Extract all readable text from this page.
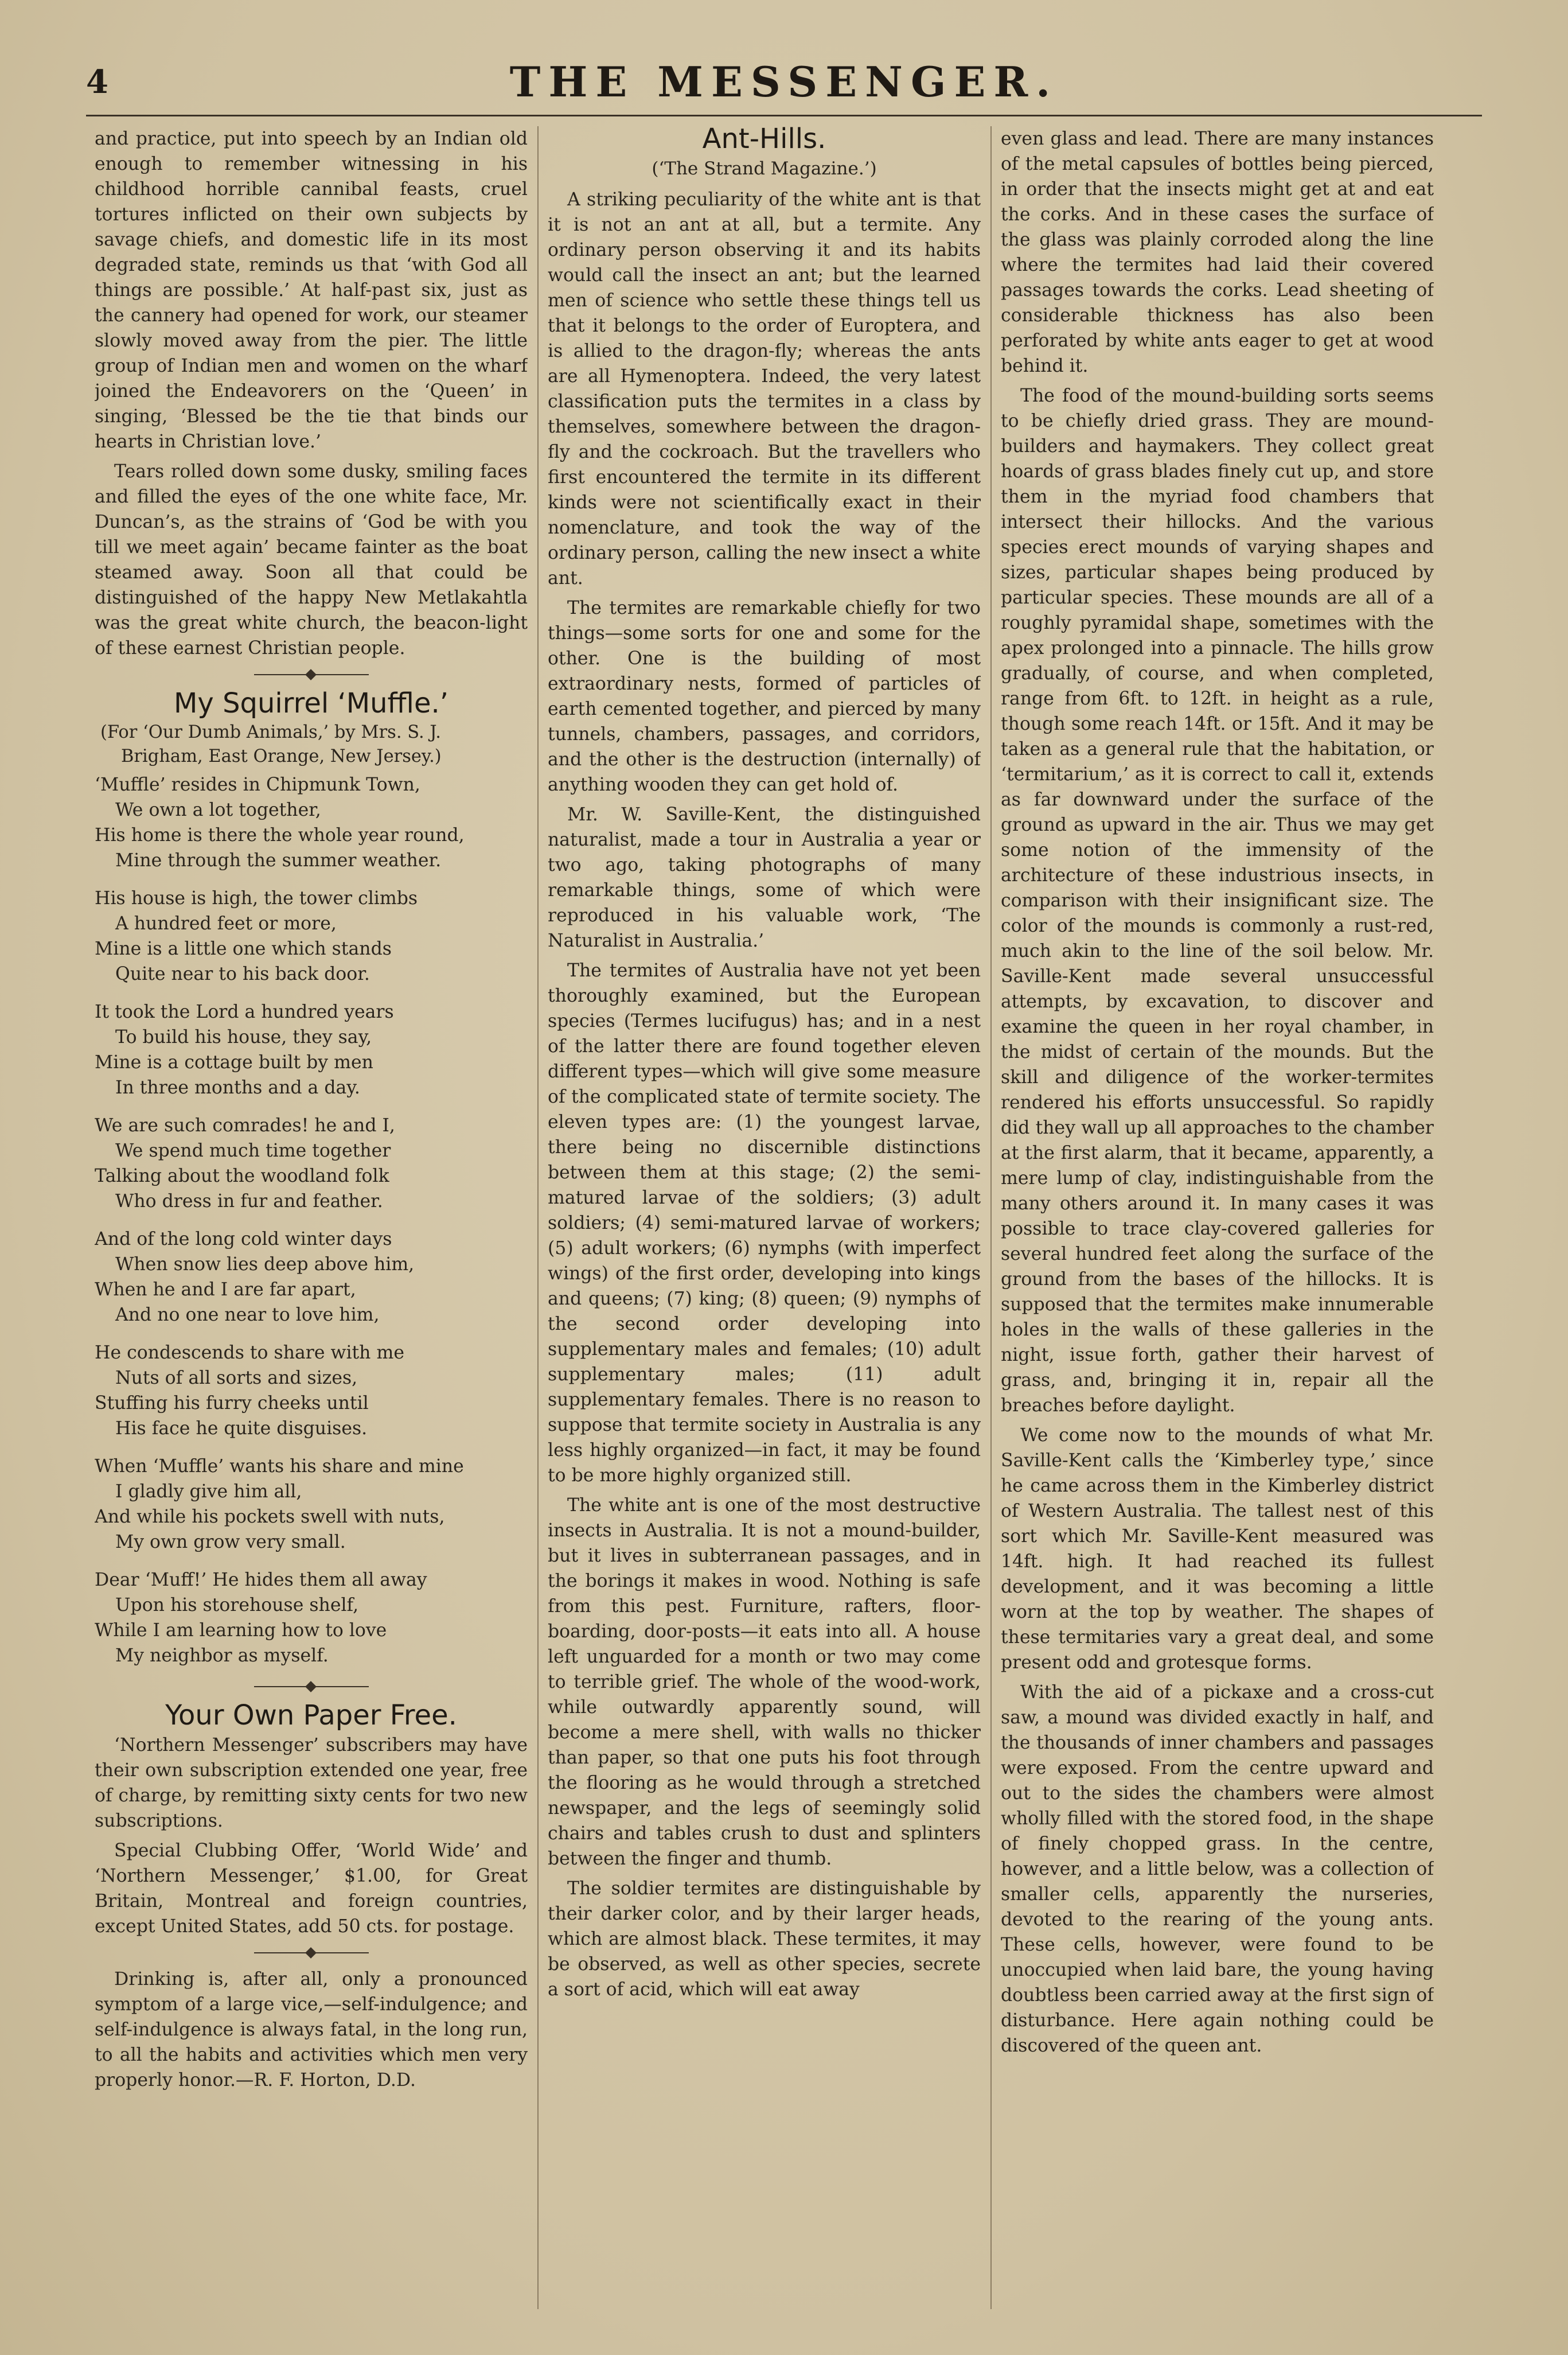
4	THE MESSENGER.

and practice, put into speech by an Indian old enough to remember witnessing in his childhood horrible cannibal feasts, cruel tortures inflicted on their own subjects by savage chiefs, and domestic life in its most degraded state, reminds us that ‘with God all things are possible.’ At half-past six, just as the cannery had opened for work, our steamer slowly moved away from the pier. The little group of Indian men and women on the wharf joined the Endeavorers on the ‘Queen’ in singing, ‘Blessed be the tie that binds our hearts in Christian love.’

Tears rolled down some dusky, smiling faces and filled the eyes of the one white face, Mr. Duncan’s, as the strains of ‘God be with you till we meet again’ became fainter as the boat steamed away. Soon all that could be distinguished of the happy New Metlakahtla was the great white church, the beacon-light of these earnest Christian people.

My Squirrel ‘Muffle.’
(For ‘Our Dumb Animals,’ by Mrs. S. J.
Brigham, East Orange, New Jersey.)
‘Muffle’ resides in Chipmunk Town,
We own a lot together,
His home is there the whole year round,
Mine through the summer weather.
His house is high, the tower climbs
A hundred feet or more,
Mine is a little one which stands
Quite near to his back door.
It took the Lord a hundred years
To build his house, they say,
Mine is a cottage built by men
In three months and a day.
We are such comrades! he and I,
We spend much time together
Talking about the woodland folk
Who dress in fur and feather.
And of the long cold winter days
When snow lies deep above him,
When he and I are far apart,
And no one near to love him,
He condescends to share with me
Nuts of all sorts and sizes,
Stuffing his furry cheeks until
His face he quite disguises.
When ‘Muffle’ wants his share and mine
I gladly give him all,
And while his pockets swell with nuts,
My own grow very small.
Dear ‘Muff!’ He hides them all away
Upon his storehouse shelf,
While I am learning how to love
My neighbor as myself.
Your Own Paper Free.

‘Northern Messenger’ subscribers may have their own subscription extended one year, free of charge, by remitting sixty cents for two new subscriptions.

Special Clubbing Offer, ‘World Wide’ and ‘Northern Messenger,’ $1.00, for Great Britain, Montreal and foreign countries, except United States, add 50 cts. for postage.

Drinking is, after all, only a pronounced symptom of a large vice,—self-indulgence; and self-indulgence is always fatal, in the long run, to all the habits and activities which men very properly honor.—R. F. Horton, D.D.

Ant-Hills.
(‘The Strand Magazine.’)

A striking peculiarity of the white ant is that it is not an ant at all, but a termite. Any ordinary person observing it and its habits would call the insect an ant; but the learned men of science who settle these things tell us that it belongs to the order of Europtera, and is allied to the dragon-fly; whereas the ants are all Hymenoptera. Indeed, the very latest classification puts the termites in a class by themselves, somewhere between the dragon-fly and the cockroach. But the travellers who first encountered the termite in its different kinds were not scientifically exact in their nomenclature, and took the way of the ordinary person, calling the new insect a white ant.

The termites are remarkable chiefly for two things—some sorts for one and some for the other. One is the building of most extraordinary nests, formed of particles of earth cemented together, and pierced by many tunnels, chambers, passages, and corridors, and the other is the destruction (internally) of anything wooden they can get hold of.

Mr. W. Saville-Kent, the distinguished naturalist, made a tour in Australia a year or two ago, taking photographs of many remarkable things, some of which were reproduced in his valuable work, ‘The Naturalist in Australia.’

The termites of Australia have not yet been thoroughly examined, but the European species (Termes lucifugus) has; and in a nest of the latter there are found together eleven different types—which will give some measure of the complicated state of termite society. The eleven types are: (1) the youngest larvae, there being no discernible distinctions between them at this stage; (2) the semi-matured larvae of the soldiers; (3) adult soldiers; (4) semi-matured larvae of workers; (5) adult workers; (6) nymphs (with imperfect wings) of the first order, developing into kings and queens; (7) king; (8) queen; (9) nymphs of the second order developing into supplementary males and females; (10) adult supplementary males; (11) adult supplementary females. There is no reason to suppose that termite society in Australia is any less highly organized—in fact, it may be found to be more highly organized still.

The white ant is one of the most destructive insects in Australia. It is not a mound-builder, but it lives in subterranean passages, and in the borings it makes in wood. Nothing is safe from this pest. Furniture, rafters, floor-boarding, door-posts—it eats into all. A house left unguarded for a month or two may come to terrible grief. The whole of the wood-work, while outwardly apparently sound, will become a mere shell, with walls no thicker than paper, so that one puts his foot through the flooring as he would through a stretched newspaper, and the legs of seemingly solid chairs and tables crush to dust and splinters between the finger and thumb.

The soldier termites are distinguishable by their darker color, and by their larger heads, which are almost black. These termites, it may be observed, as well as other species, secrete a sort of acid, which will eat away

even glass and lead. There are many instances of the metal capsules of bottles being pierced, in order that the insects might get at and eat the corks. And in these cases the surface of the glass was plainly corroded along the line where the termites had laid their covered passages towards the corks. Lead sheeting of considerable thickness has also been perforated by white ants eager to get at wood behind it.

The food of the mound-building sorts seems to be chiefly dried grass. They are mound-builders and haymakers. They collect great hoards of grass blades finely cut up, and store them in the myriad food chambers that intersect their hillocks. And the various species erect mounds of varying shapes and sizes, particular shapes being produced by particular species. These mounds are all of a roughly pyramidal shape, sometimes with the apex prolonged into a pinnacle. The hills grow gradually, of course, and when completed, range from 6ft. to 12ft. in height as a rule, though some reach 14ft. or 15ft. And it may be taken as a general rule that the habitation, or ‘termitarium,’ as it is correct to call it, extends as far downward under the surface of the ground as upward in the air. Thus we may get some notion of the immensity of the architecture of these industrious insects, in comparison with their insignificant size. The color of the mounds is commonly a rust-red, much akin to the line of the soil below. Mr. Saville-Kent made several unsuccessful attempts, by excavation, to discover and examine the queen in her royal chamber, in the midst of certain of the mounds. But the skill and diligence of the worker-termites rendered his efforts unsuccessful. So rapidly did they wall up all approaches to the chamber at the first alarm, that it became, apparently, a mere lump of clay, indistinguishable from the many others around it. In many cases it was possible to trace clay-covered galleries for several hundred feet along the surface of the ground from the bases of the hillocks. It is supposed that the termites make innumerable holes in the walls of these galleries in the night, issue forth, gather their harvest of grass, and, bringing it in, repair all the breaches before daylight.

We come now to the mounds of what Mr. Saville-Kent calls the ‘Kimberley type,’ since he came across them in the Kimberley district of Western Australia. The tallest nest of this sort which Mr. Saville-Kent measured was 14ft. high. It had reached its fullest development, and it was becoming a little worn at the top by weather. The shapes of these termitaries vary a great deal, and some present odd and grotesque forms.

With the aid of a pickaxe and a cross-cut saw, a mound was divided exactly in half, and the thousands of inner chambers and passages were exposed. From the centre upward and out to the sides the chambers were almost wholly filled with the stored food, in the shape of finely chopped grass. In the centre, however, and a little below, was a collection of smaller cells, apparently the nurseries, devoted to the rearing of the young ants. These cells, however, were found to be unoccupied when laid bare, the young having doubtless been carried away at the first sign of disturbance. Here again nothing could be discovered of the queen ant.
